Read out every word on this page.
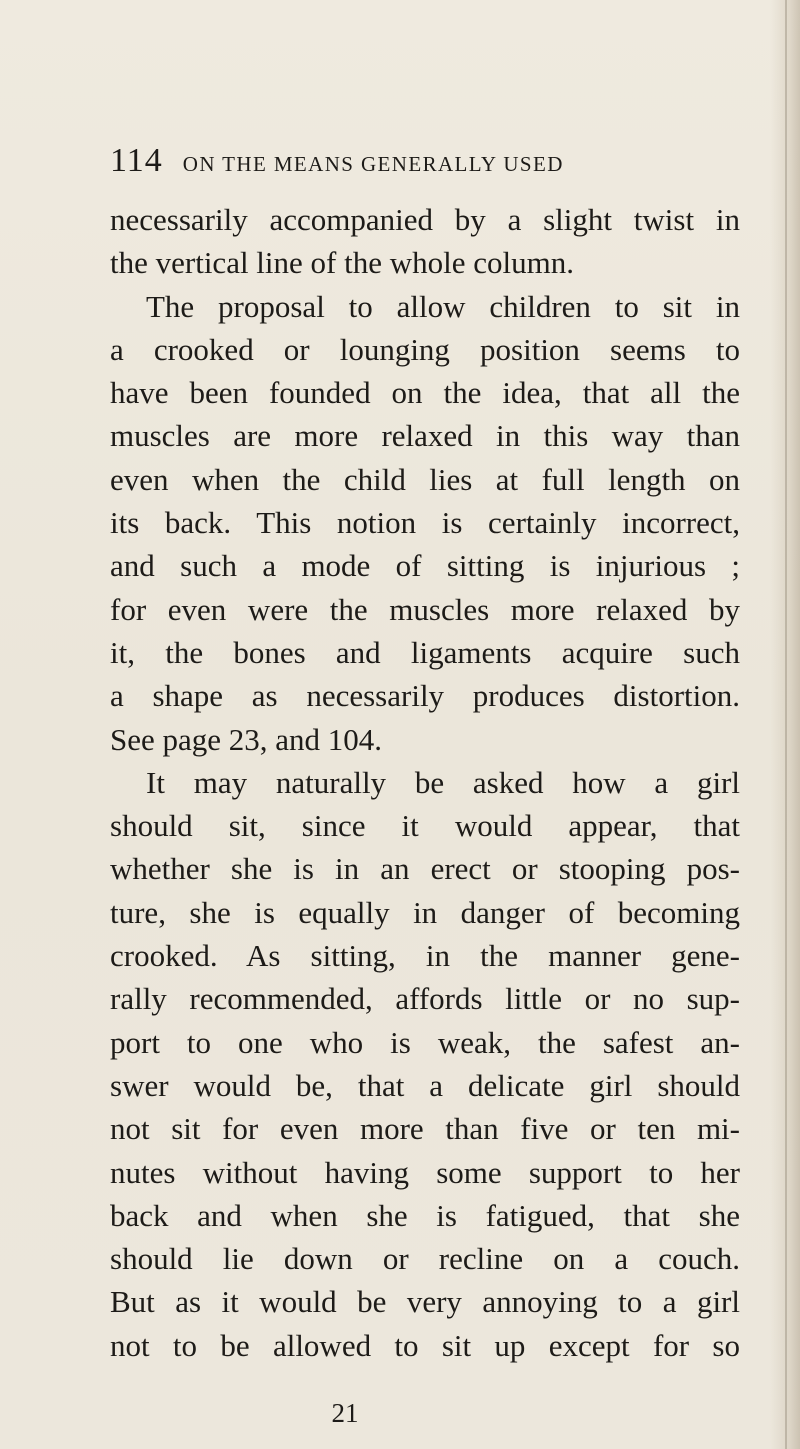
114 ON THE MEANS GENERALLY USED
necessarily accompanied by a slight twist in
the vertical line of the whole column.
The proposal to allow children to sit in
a crooked or lounging position seems to
have been founded on the idea, that all the
muscles are more relaxed in this way than
even when the child lies at full length on
its back. This notion is certainly incorrect,
and such a mode of sitting is injurious ;
for even were the muscles more relaxed by
it, the bones and ligaments acquire such
a shape as necessarily produces distortion.
See page 23, and 104.
It may naturally be asked how a girl
should sit, since it would appear, that
whether she is in an erect or stooping pos-
ture, she is equally in danger of becoming
crooked. As sitting, in the manner gene-
rally recommended, affords little or no sup-
port to one who is weak, the safest an-
swer would be, that a delicate girl should
not sit for even more than five or ten mi-
nutes without having some support to her
back and when she is fatigued, that she
should lie down or recline on a couch.
But as it would be very annoying to a girl
not to be allowed to sit up except for so
21
